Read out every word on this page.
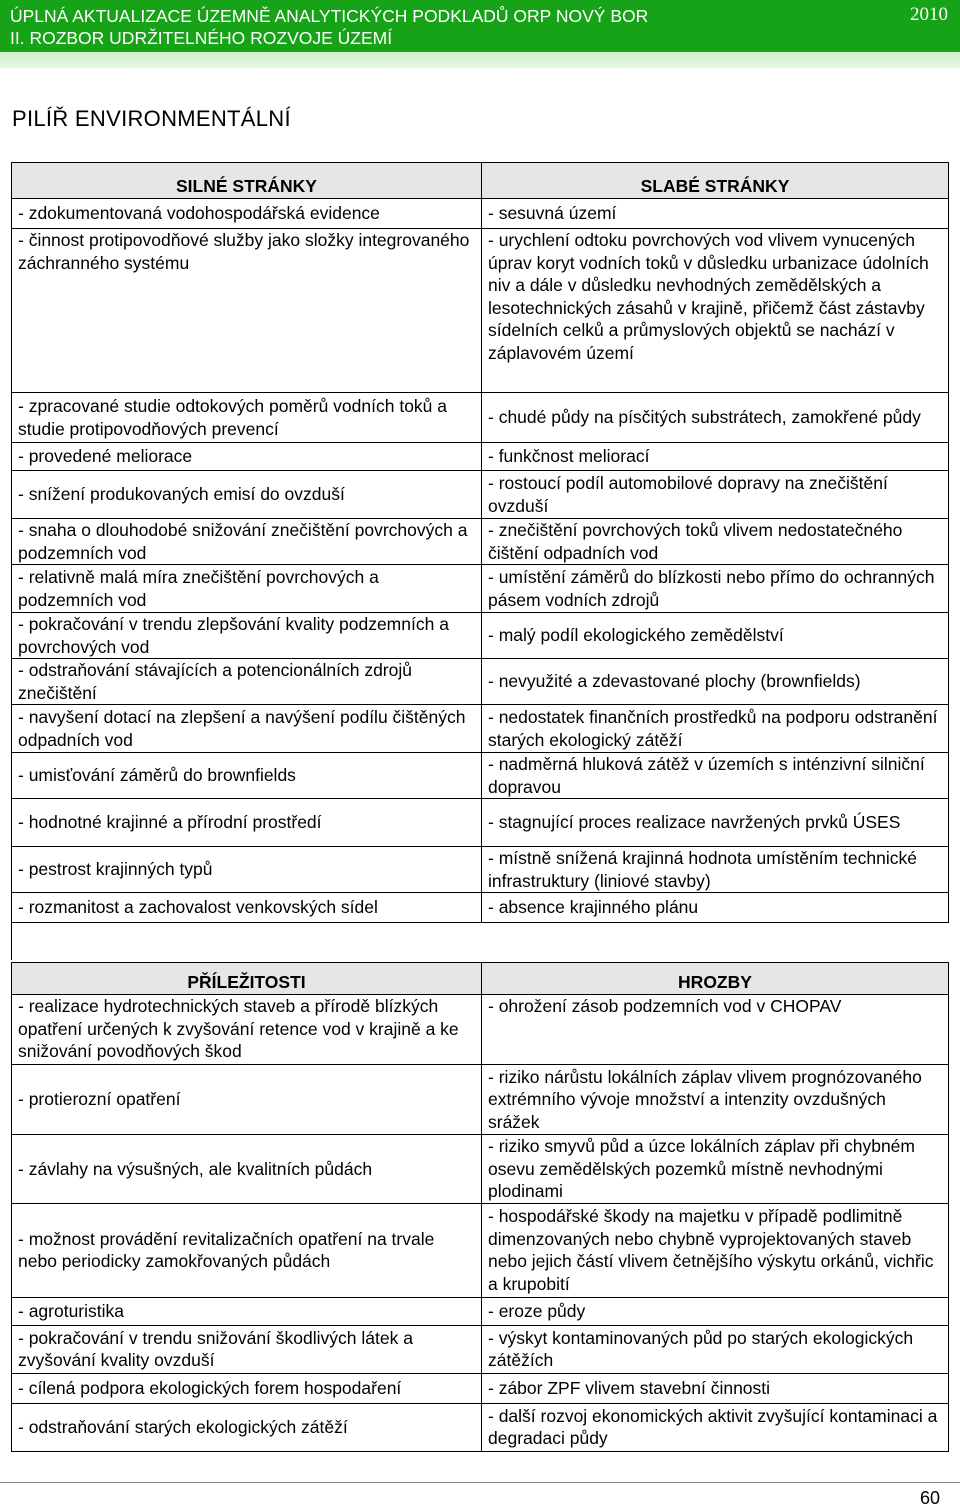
ÚPLNÁ AKTUALIZACE ÚZEMNĚ ANALYTICKÝCH PODKLADŮ ORP NOVÝ BOR
II. ROZBOR UDRŽITELNÉHO ROZVOJE ÚZEMÍ
2010
PILÍŘ ENVIRONMENTÁLNÍ
SILNÉ STRÁNKY	SLABÉ STRÁNKY
- zdokumentovaná vodohospodářská evidence	- sesuvná území
- činnost protipovodňové služby jako složky integrovaného záchranného systému	- urychlení odtoku povrchových vod vlivem vynucených úprav koryt vodních toků v důsledku urbanizace údolních niv a dále v důsledku nevhodných zemědělských a lesotechnických zásahů v krajině, přičemž část zástavby sídelních celků a průmyslových objektů se nachází v záplavovém území
- zpracované studie odtokových poměrů vodních toků a studie protipovodňových prevencí	- chudé půdy na písčitých substrátech, zamokřené půdy
- provedené meliorace	- funkčnost meliorací
- snížení produkovaných emisí do ovzduší	- rostoucí podíl automobilové dopravy na znečištění ovzduší
- snaha o dlouhodobé snižování znečištění povrchových a podzemních vod	- znečištění povrchových toků vlivem nedostatečného čištění odpadních vod
- relativně malá míra znečištění povrchových a podzemních vod	- umístění záměrů do blízkosti nebo přímo do ochranných pásem vodních zdrojů
- pokračování v trendu zlepšování kvality podzemních a povrchových vod	- malý podíl ekologického zemědělství
- odstraňování stávajících a potencionálních zdrojů znečištění	- nevyužité a zdevastované plochy (brownfields)
- navyšení dotací na zlepšení a navýšení podílu čištěných odpadních vod	- nedostatek finančních prostředků na podporu odstranění starých ekologický zátěží
- umisťování záměrů do brownfields	- nadměrná hluková zátěž v územích s inténzivní silniční dopravou
- hodnotné krajinné a přírodní prostředí	- stagnující proces realizace navržených prvků ÚSES
- pestrost krajinných typů	- místně snížená krajinná hodnota umístěním technické infrastruktury (liniové stavby)
- rozmanitost a zachovalost venkovských sídel	- absence krajinného plánu

PŘÍLEŽITOSTI	HROZBY
- realizace hydrotechnických staveb a přírodě blízkých opatření určených k zvyšování retence vod v krajině a ke snižování povodňových škod	- ohrožení zásob podzemních vod v CHOPAV
- protierozní opatření	- riziko nárůstu lokálních záplav vlivem prognózovaného extrémního vývoje množství a intenzity ovzdušných srážek
- závlahy na výsušných, ale kvalitních půdách	- riziko smyvů půd a úzce lokálních záplav při chybném osevu zemědělských pozemků místně nevhodnými plodinami
- možnost provádění revitalizačních opatření na trvale nebo periodicky zamokřovaných půdách	- hospodářské škody na majetku v případě podlimitně dimenzovaných nebo chybně vyprojektovaných staveb nebo jejich částí vlivem četnějšího výskytu orkánů, vichřic a krupobití
- agroturistika	- eroze půdy
- pokračování v trendu snižování škodlivých látek a zvyšování kvality ovzduší	- výskyt kontaminovaných půd po starých ekologických zátěžích
- cílená podpora ekologických forem hospodaření	- zábor ZPF vlivem stavební činnosti
- odstraňování starých ekologických zátěží	- další rozvoj ekonomických aktivit zvyšující kontaminaci a degradaci půdy
60
